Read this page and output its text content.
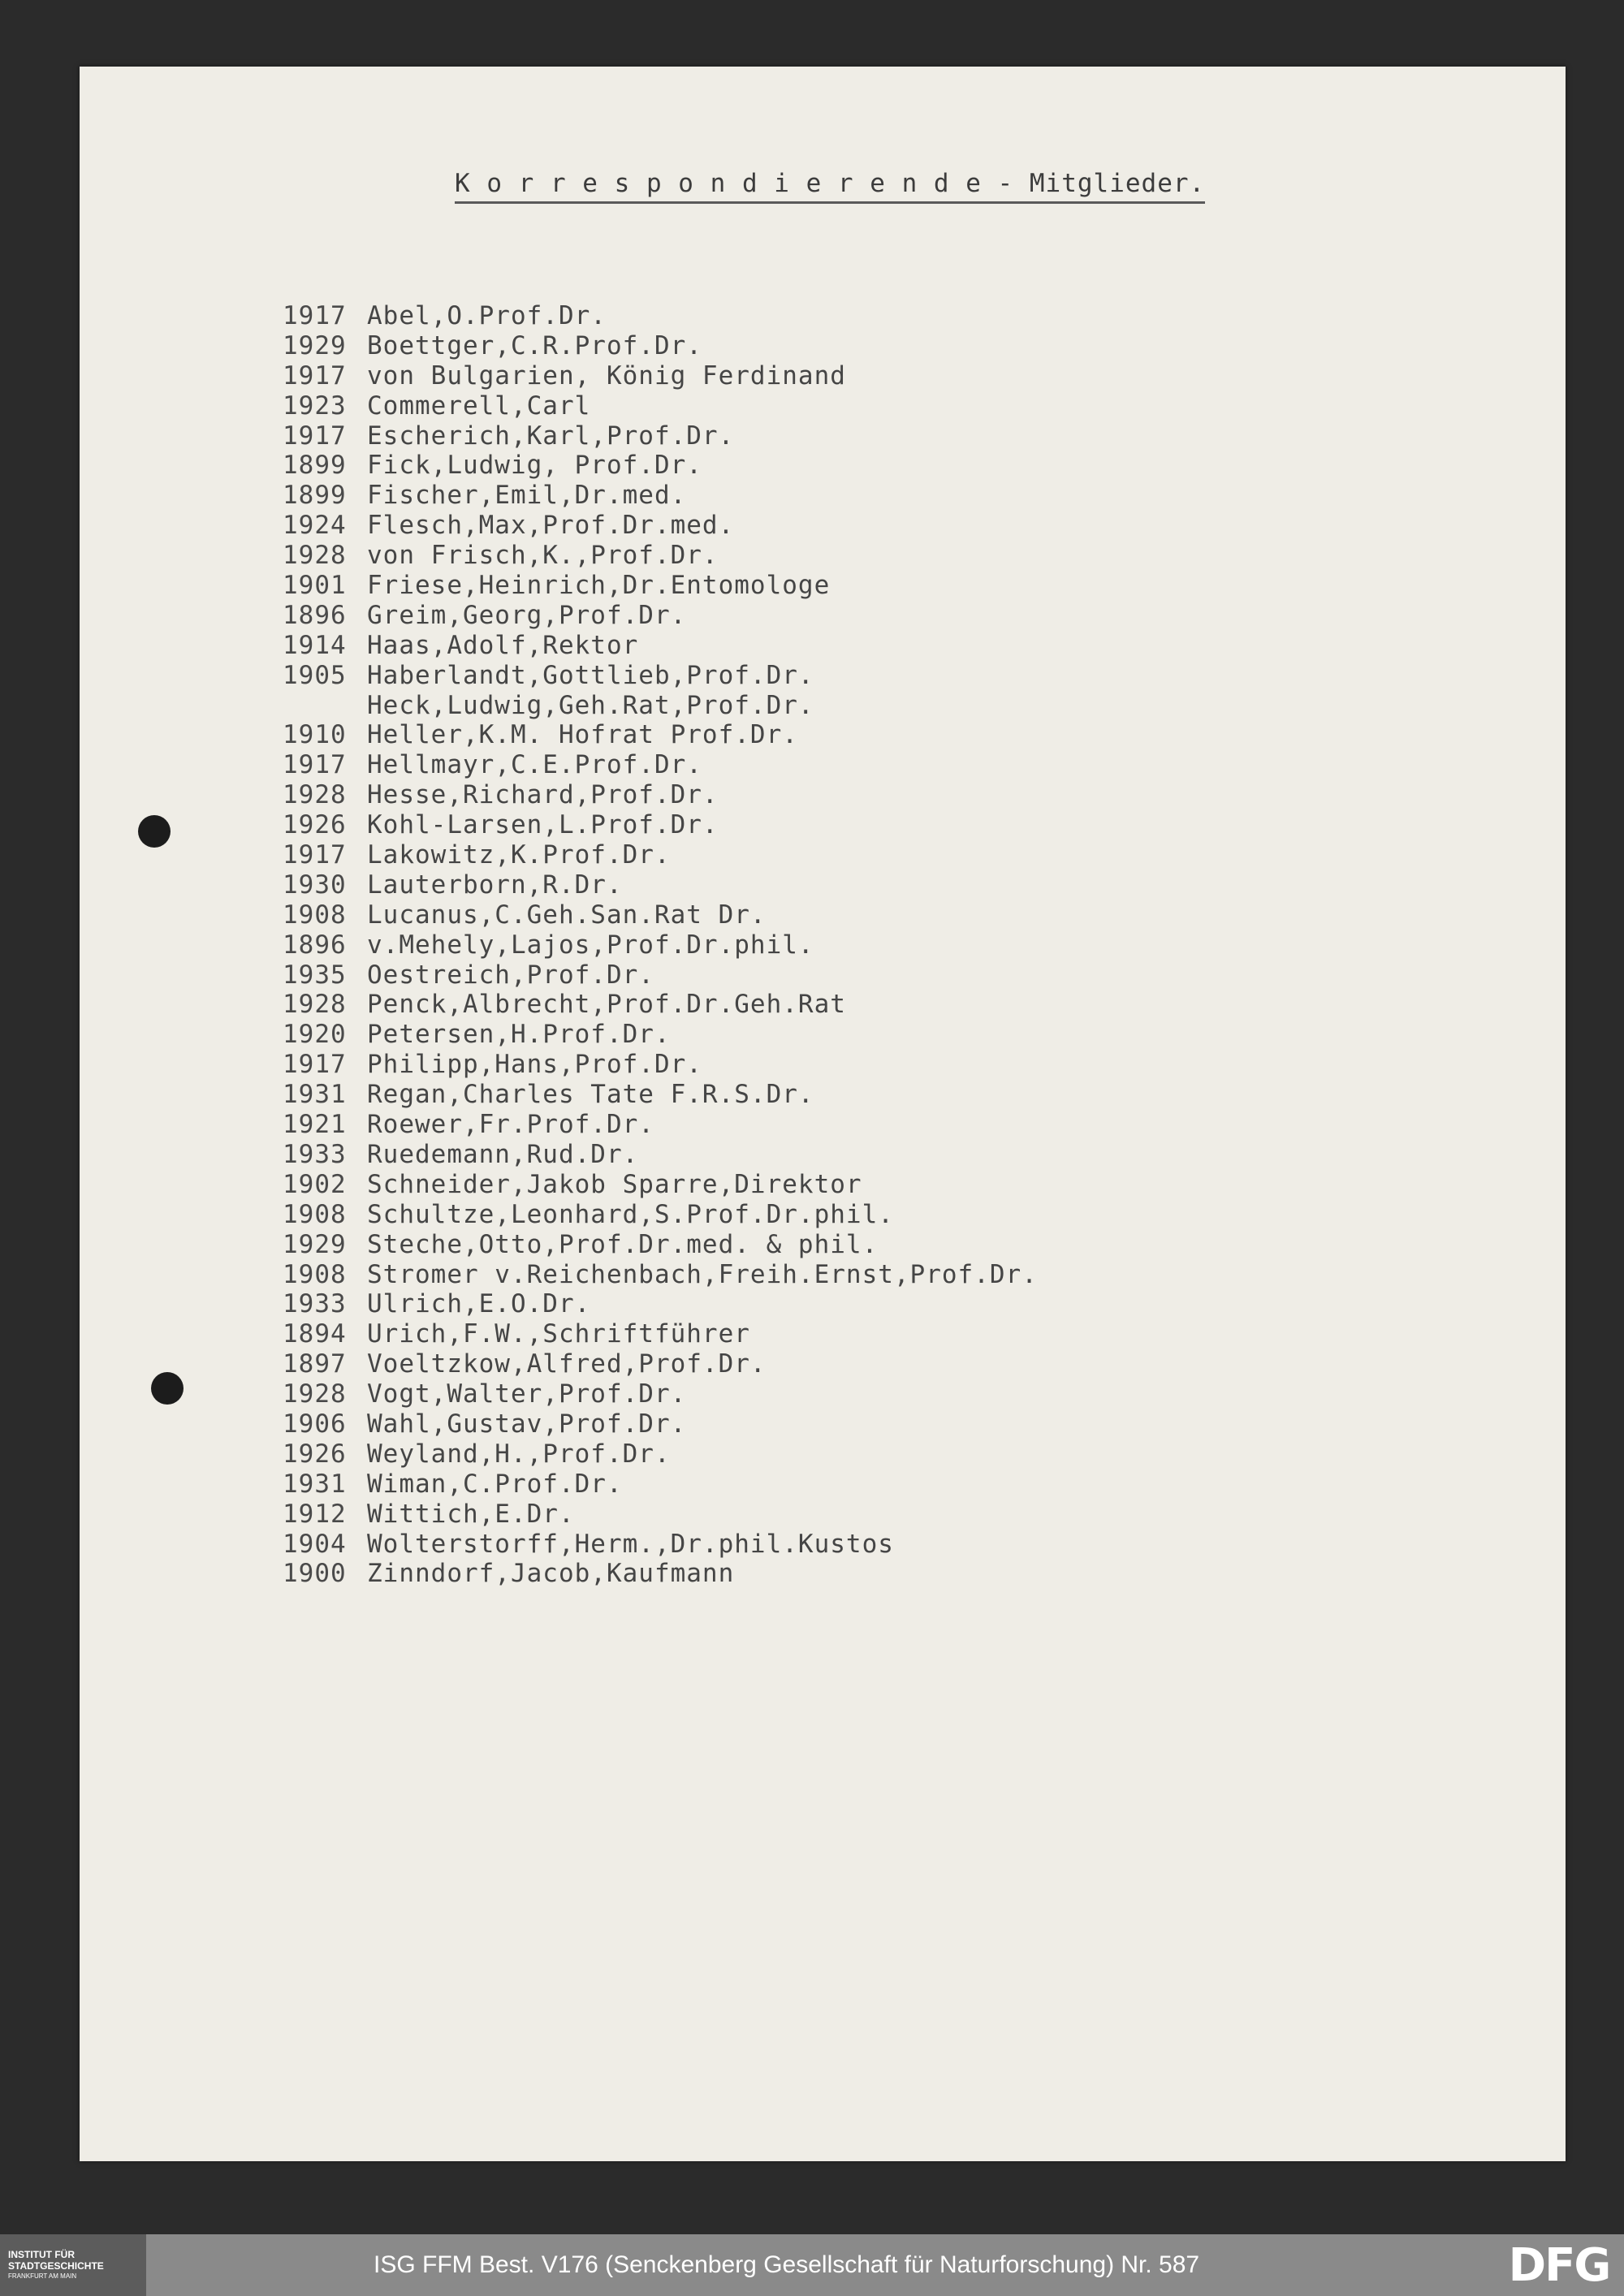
K o r r e s p o n d i e r e n d e - Mitglieder.
1917 Abel,O.Prof.Dr.
1929 Boettger,C.R.Prof.Dr.
1917 von Bulgarien, König Ferdinand
1923 Commerell,Carl
1917 Escherich,Karl,Prof.Dr.
1899 Fick,Ludwig, Prof.Dr.
1899 Fischer,Emil,Dr.med.
1924 Flesch,Max,Prof.Dr.med.
1928 von Frisch,K.,Prof.Dr.
1901 Friese,Heinrich,Dr.Entomologe
1896 Greim,Georg,Prof.Dr.
1914 Haas,Adolf,Rektor
1905 Haberlandt,Gottlieb,Prof.Dr.
Heck,Ludwig,Geh.Rat,Prof.Dr.
1910 Heller,K.M. Hofrat Prof.Dr.
1917 Hellmayr,C.E.Prof.Dr.
1928 Hesse,Richard,Prof.Dr.
1926 Kohl-Larsen,L.Prof.Dr.
1917 Lakowitz,K.Prof.Dr.
1930 Lauterborn,R.Dr.
1908 Lucanus,C.Geh.San.Rat Dr.
1896 v.Mehely,Lajos,Prof.Dr.phil.
1935 Oestreich,Prof.Dr.
1928 Penck,Albrecht,Prof.Dr.Geh.Rat
1920 Petersen,H.Prof.Dr.
1917 Philipp,Hans,Prof.Dr.
1931 Regan,Charles Tate F.R.S.Dr.
1921 Roewer,Fr.Prof.Dr.
1933 Ruedemann,Rud.Dr.
1902 Schneider,Jakob Sparre,Direktor
1908 Schultze,Leonhard,S.Prof.Dr.phil.
1929 Steche,Otto,Prof.Dr.med. & phil.
1908 Stromer v.Reichenbach,Freih.Ernst,Prof.Dr.
1933 Ulrich,E.O.Dr.
1894 Urich,F.W.,Schriftführer
1897 Voeltzkow,Alfred,Prof.Dr.
1928 Vogt,Walter,Prof.Dr.
1906 Wahl,Gustav,Prof.Dr.
1926 Weyland,H.,Prof.Dr.
1931 Wiman,C.Prof.Dr.
1912 Wittich,E.Dr.
1904 Wolterstorff,Herm.,Dr.phil.Kustos
1900 Zinndorf,Jacob,Kaufmann
INSTITUT FÜR
STADTGESCHICHTE
FRANKFURT AM MAIN	ISG FFM Best. V176 (Senckenberg Gesellschaft für Naturforschung) Nr. 587	DFG
